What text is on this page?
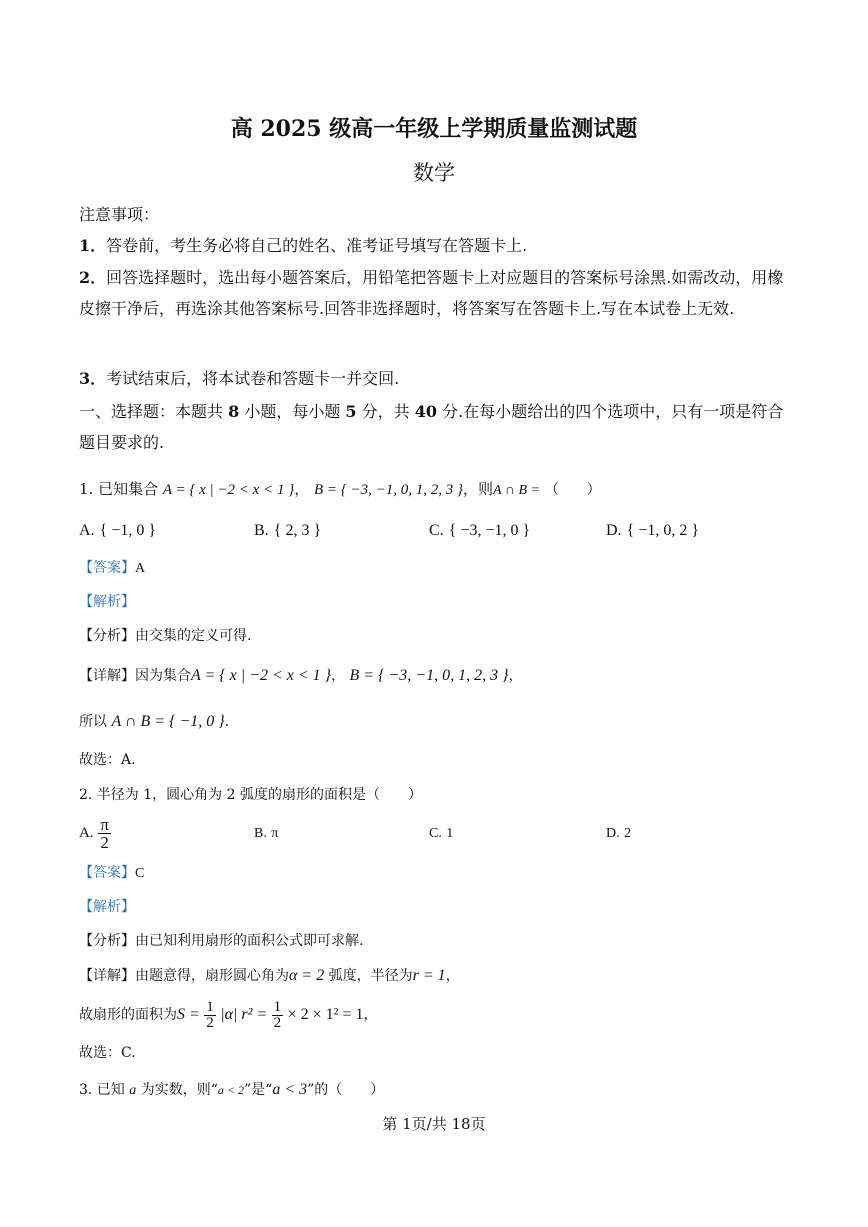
高 2025 级高一年级上学期质量监测试题
数学
注意事项：
1．答卷前，考生务必将自己的姓名、准考证号填写在答题卡上.
2．回答选择题时，选出每小题答案后，用铅笔把答题卡上对应题目的答案标号涂黑.如需改动，用橡皮擦干净后，再选涂其他答案标号.回答非选择题时，将答案写在答题卡上.写在本试卷上无效.
3．考试结束后，将本试卷和答题卡一并交回.
一、选择题：本题共 8 小题，每小题 5 分，共 40 分.在每小题给出的四个选项中，只有一项是符合题目要求的.
1. 已知集合 A = { x | −2 < x < 1 }， B = { −3, −1, 0, 1, 2, 3 }，则A ∩ B = （　　）
A. { −1, 0 }	B. { 2, 3 }	C. { −3, −1, 0 }	D. { −1, 0, 2 }
【答案】A
【解析】
【分析】由交集的定义可得.
【详解】因为集合A = { x | −2 < x < 1 }， B = { −3, −1, 0, 1, 2, 3 }，
所以 A ∩ B = { −1, 0 }.
故选：A.
2. 半径为 1，圆心角为 2 弧度的扇形的面积是（　　）
A. $\frac{\pi}{2}$	B. π	C. 1	D. 2
【答案】C
【解析】
【分析】由已知利用扇形的面积公式即可求解.
【详解】由题意得，扇形圆心角为α = 2 弧度，半径为r = 1，
故扇形的面积为$S = \frac{1}{2} |\alpha|$ $r^2 = \frac{1}{2} \times 2 \times 1^2 = 1$，
故选：C.
3. 已知 a 为实数，则“a < 2”是“a < 3”的（　　）
第 1页/共 18页
